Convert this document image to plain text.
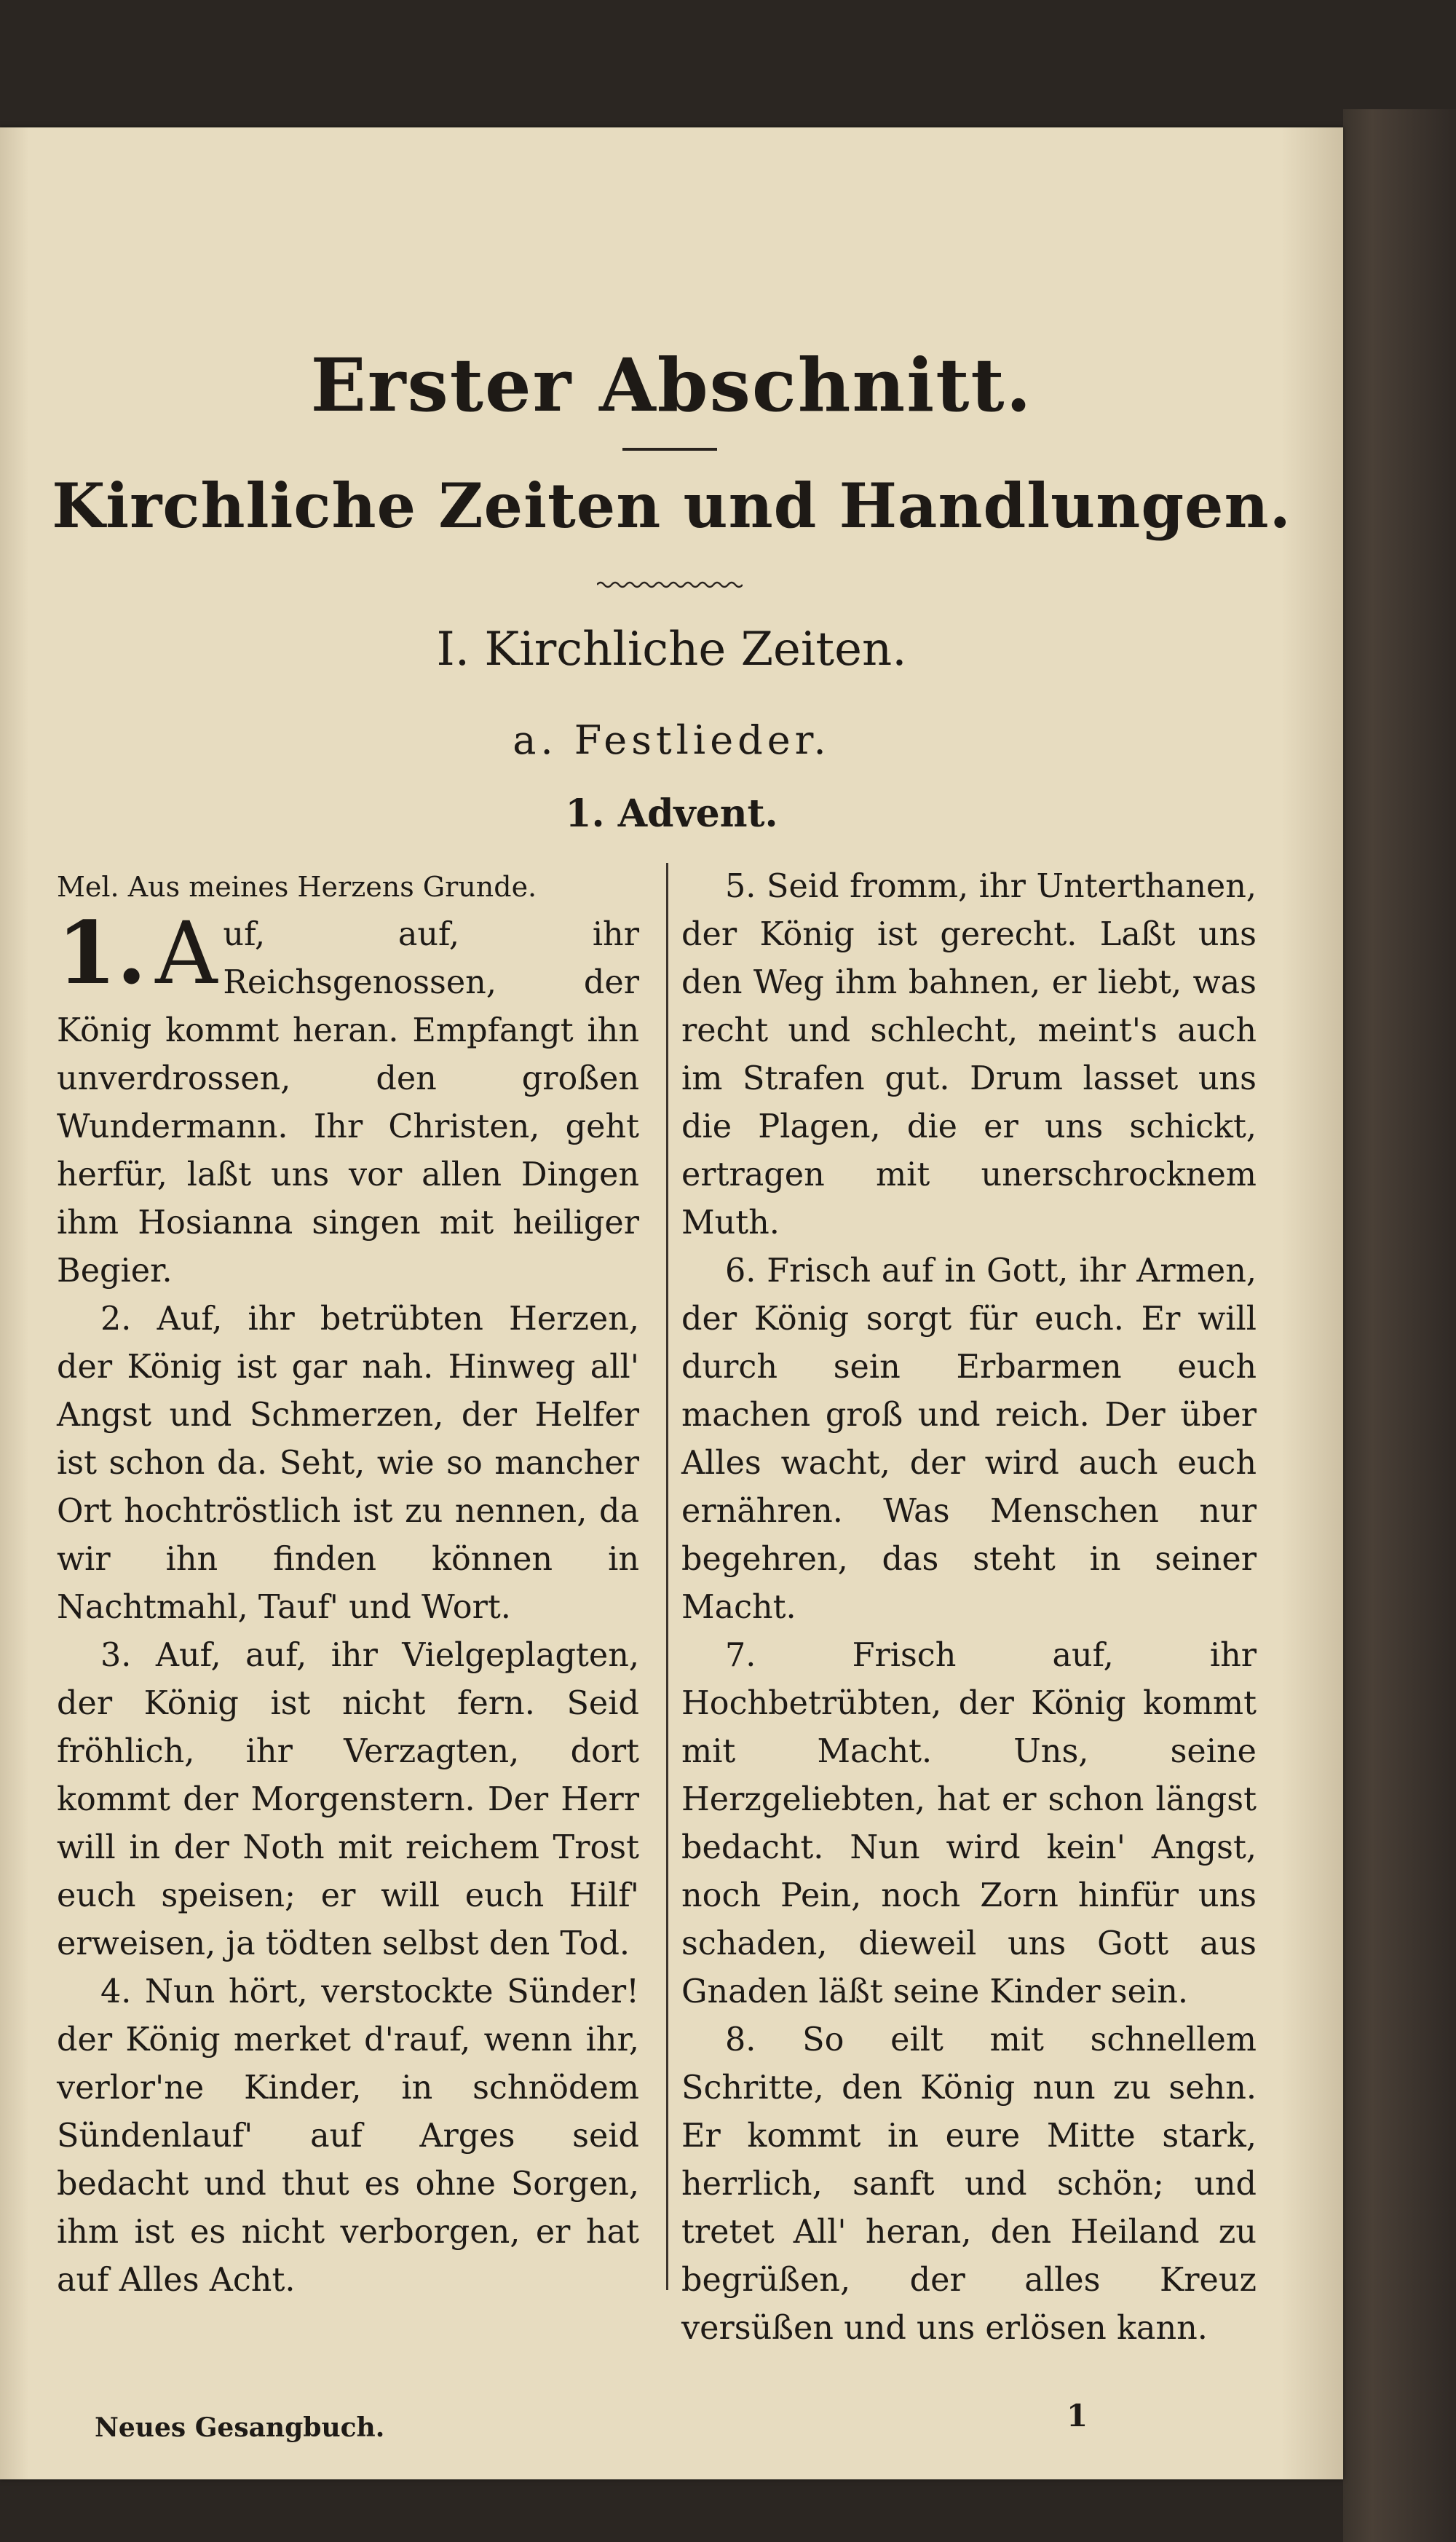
Erster Abschnitt.
Kirchliche Zeiten und Handlungen.
I. Kirchliche Zeiten.
a. Festlieder.
1. Advent.

Mel. Aus meines Herzens Grunde.

1. A uf, auf, ihr Reichsgenossen, der König kommt heran. Empfangt ihn unverdrossen, den großen Wundermann. Ihr Christen, geht herfür, laßt uns vor allen Dingen ihm Hosianna singen mit heiliger Begier.

2. Auf, ihr betrübten Herzen, der König ist gar nah. Hinweg all' Angst und Schmerzen, der Helfer ist schon da. Seht, wie so mancher Ort hochtröstlich ist zu nennen, da wir ihn finden können in Nachtmahl, Tauf' und Wort.

3. Auf, auf, ihr Vielgeplagten, der König ist nicht fern. Seid fröhlich, ihr Verzagten, dort kommt der Morgenstern. Der Herr will in der Noth mit reichem Trost euch speisen; er will euch Hilf' erweisen, ja tödten selbst den Tod.

4. Nun hört, verstockte Sünder! der König merket d'rauf, wenn ihr, verlor'ne Kinder, in schnödem Sündenlauf' auf Arges seid bedacht und thut es ohne Sorgen, ihm ist es nicht verborgen, er hat auf Alles Acht.

5. Seid fromm, ihr Unterthanen, der König ist gerecht. Laßt uns den Weg ihm bahnen, er liebt, was recht und schlecht, meint's auch im Strafen gut. Drum lasset uns die Plagen, die er uns schickt, ertragen mit unerschrocknem Muth.

6. Frisch auf in Gott, ihr Armen, der König sorgt für euch. Er will durch sein Erbarmen euch machen groß und reich. Der über Alles wacht, der wird auch euch ernähren. Was Menschen nur begehren, das steht in seiner Macht.

7. Frisch auf, ihr Hochbetrübten, der König kommt mit Macht. Uns, seine Herzgeliebten, hat er schon längst bedacht. Nun wird kein' Angst, noch Pein, noch Zorn hinfür uns schaden, dieweil uns Gott aus Gnaden läßt seine Kinder sein.

8. So eilt mit schnellem Schritte, den König nun zu sehn. Er kommt in eure Mitte stark, herrlich, sanft und schön; und tretet All' heran, den Heiland zu begrüßen, der alles Kreuz versüßen und uns erlösen kann.

Neues Gesangbuch.	1
